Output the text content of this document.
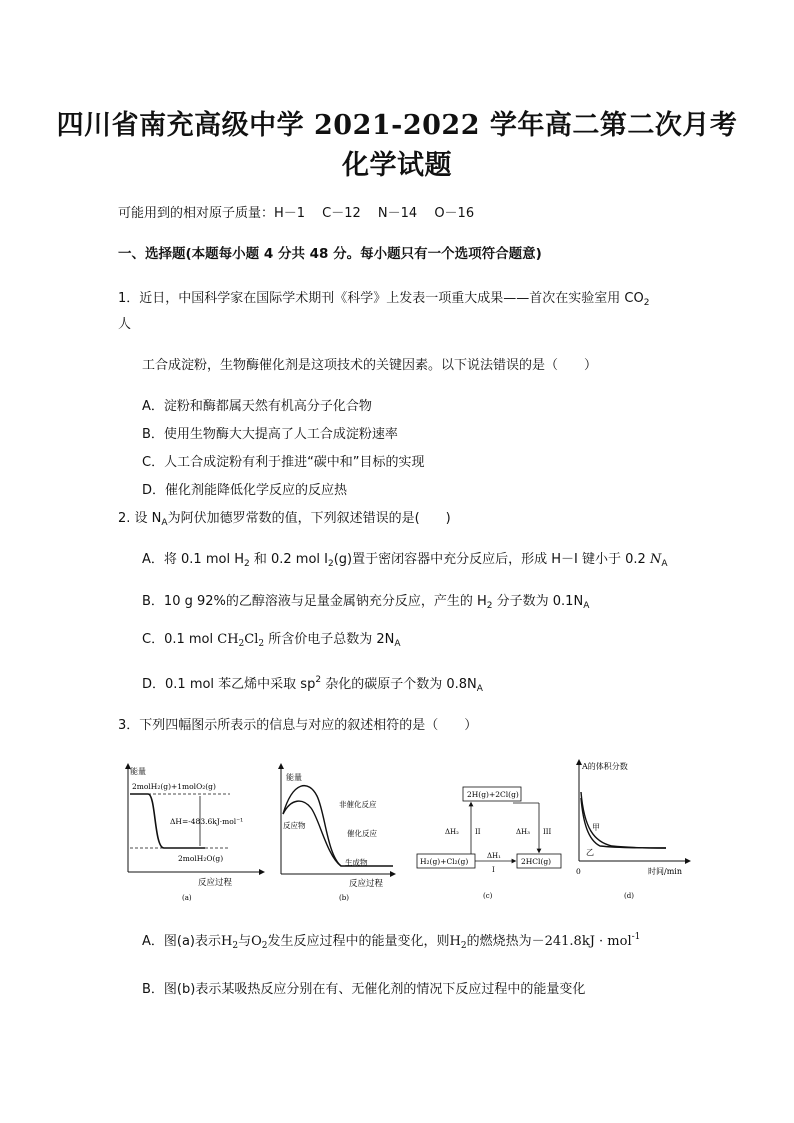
四川省南充高级中学 2021-2022 学年高二第二次月考
化学试题
可能用到的相对原子质量：H－1　 C－12　 N－14　 O－16
一、选择题(本题每小题 4 分共 48 分。每小题只有一个选项符合题意)
1．近日，中国科学家在国际学术期刊《科学》上发表一项重大成果——首次在实验室用 $CO_2$
人
工合成淀粉，生物酶催化剂是这项技术的关键因素。以下说法错误的是（　　）
A．淀粉和酶都属天然有机高分子化合物
B．使用生物酶大大提高了人工合成淀粉速率
C．人工合成淀粉有利于推进“碳中和”目标的实现
D．催化剂能降低化学反应的反应热
2. 设 $N_A$为阿伏加德罗常数的值，下列叙述错误的是(　　)
A．将 0.1 mol $H_2$ 和 0.2 mol $I_2(g)$置于密闭容器中充分反应后，形成 H－I 键小于 0.2 $N_A$
B．10 g 92%的乙醇溶液与足量金属钠充分反应，产生的 $H_2$ 分子数为 $0.1N_A$
C．0.1 mol $CH_2Cl_2$ 所含价电子总数为 $2N_A$
D．0.1 mol 苯乙烯中采取 $sp^2$ 杂化的碳原子个数为 $0.8N_A$
3．下列四幅图示所表示的信息与对应的叙述相符的是（　　）
能量
2molH₂(g)+1molO₂(g)
ΔH=-483.6kJ·mol⁻¹
2molH₂O(g)
反应过程
(a)
能量
非催化反应
反应物
催化反应
生成物
反应过程
(b)
2H(g)+2Cl(g)
H₂(g)+Cl₂(g)	2HCl(g)
ΔH₂ II	ΔH₃ III
ΔH₁
I
(c)
A的体积分数
甲
乙
0	时间/min
(d)
A．图(a)表示$H_2$与$O_2$发生反应过程中的能量变化，则$H_2$的燃烧热为－241.8kJ · mol$^{-1}$
B．图(b)表示某吸热反应分别在有、无催化剂的情况下反应过程中的能量变化
